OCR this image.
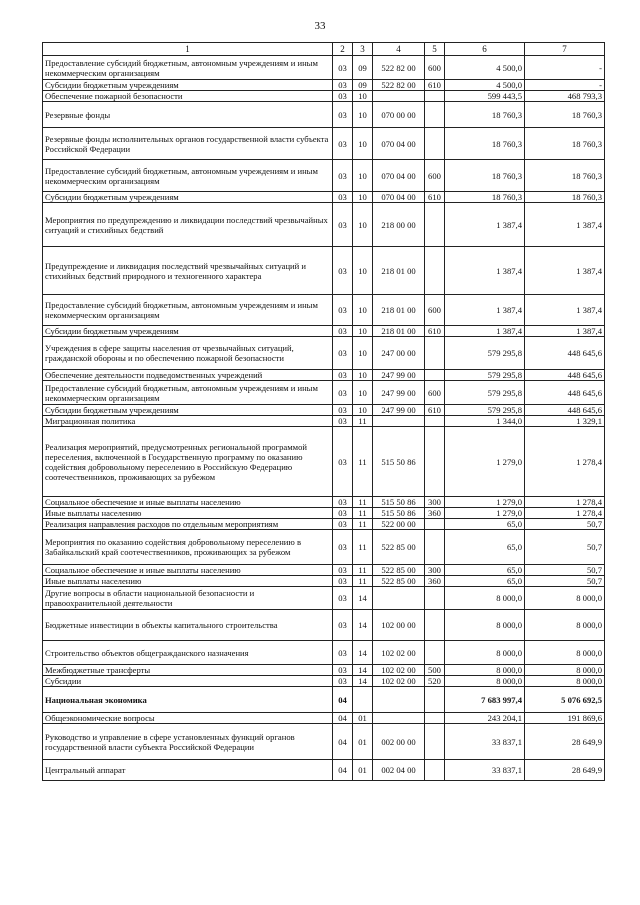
33
1	2	3	4	5	6	7
Предоставление субсидий бюджетным, автономным учреждениям и иным некоммерческим организациям	03	09	522 82 00	600	4 500,0	-
Субсидии бюджетным учреждениям	03	09	522 82 00	610	4 500,0	-
Обеспечение пожарной безопасности	03	10			599 443,5	468 793,3
Резервные фонды	03	10	070 00 00		18 760,3	18 760,3
Резервные фонды исполнительных органов государственной власти субъекта Российской Федерации	03	10	070 04 00		18 760,3	18 760,3
Предоставление субсидий бюджетным, автономным учреждениям и иным некоммерческим организациям	03	10	070 04 00	600	18 760,3	18 760,3
Субсидии бюджетным учреждениям	03	10	070 04 00	610	18 760,3	18 760,3
Мероприятия по предупреждению и ликвидации последствий чрезвычайных ситуаций и стихийных бедствий	03	10	218 00 00		1 387,4	1 387,4
Предупреждение и ликвидация последствий чрезвычайных ситуаций и стихийных бедствий природного и техногенного характера	03	10	218 01 00		1 387,4	1 387,4
Предоставление субсидий бюджетным, автономным учреждениям и иным некоммерческим организациям	03	10	218 01 00	600	1 387,4	1 387,4
Субсидии бюджетным учреждениям	03	10	218 01 00	610	1 387,4	1 387,4
Учреждения в сфере защиты населения от чрезвычайных ситуаций, гражданской обороны и по обеспечению пожарной безопасности	03	10	247 00 00		579 295,8	448 645,6
Обеспечение деятельности подведомственных учреждений	03	10	247 99 00		579 295,8	448 645,6
Предоставление субсидий бюджетным, автономным учреждениям и иным некоммерческим организациям	03	10	247 99 00	600	579 295,8	448 645,6
Субсидии бюджетным учреждениям	03	10	247 99 00	610	579 295,8	448 645,6
Миграционная политика	03	11			1 344,0	1 329,1
Реализация мероприятий, предусмотренных региональной программой переселения, включенной в Государственную программу по оказанию содействия добровольному переселению в Российскую Федерацию соотечественников, проживающих за рубежом	03	11	515 50 86		1 279,0	1 278,4
Социальное обеспечение и иные выплаты населению	03	11	515 50 86	300	1 279,0	1 278,4
Иные выплаты населению	03	11	515 50 86	360	1 279,0	1 278,4
Реализация направления расходов по отдельным мероприятиям	03	11	522 00 00		65,0	50,7
Мероприятия по оказанию содействия добровольному переселению в Забайкальский край соотечественников, проживающих за рубежом	03	11	522 85 00		65,0	50,7
Социальное обеспечение и иные выплаты населению	03	11	522 85 00	300	65,0	50,7
Иные выплаты населению	03	11	522 85 00	360	65,0	50,7
Другие вопросы в области национальной безопасности и правоохранительной деятельности	03	14			8 000,0	8 000,0
Бюджетные инвестиции в объекты капитального строительства	03	14	102 00 00		8 000,0	8 000,0
Строительство объектов общегражданского назначения	03	14	102 02 00		8 000,0	8 000,0
Межбюджетные трансферты	03	14	102 02 00	500	8 000,0	8 000,0
Субсидии	03	14	102 02 00	520	8 000,0	8 000,0
Национальная экономика	04				7 683 997,4	5 076 692,5
Общеэкономические вопросы	04	01			243 204,1	191 869,6
Руководство и управление в сфере установленных функций органов государственной власти субъекта Российской Федерации	04	01	002 00 00		33 837,1	28 649,9
Центральный аппарат	04	01	002 04 00		33 837,1	28 649,9
